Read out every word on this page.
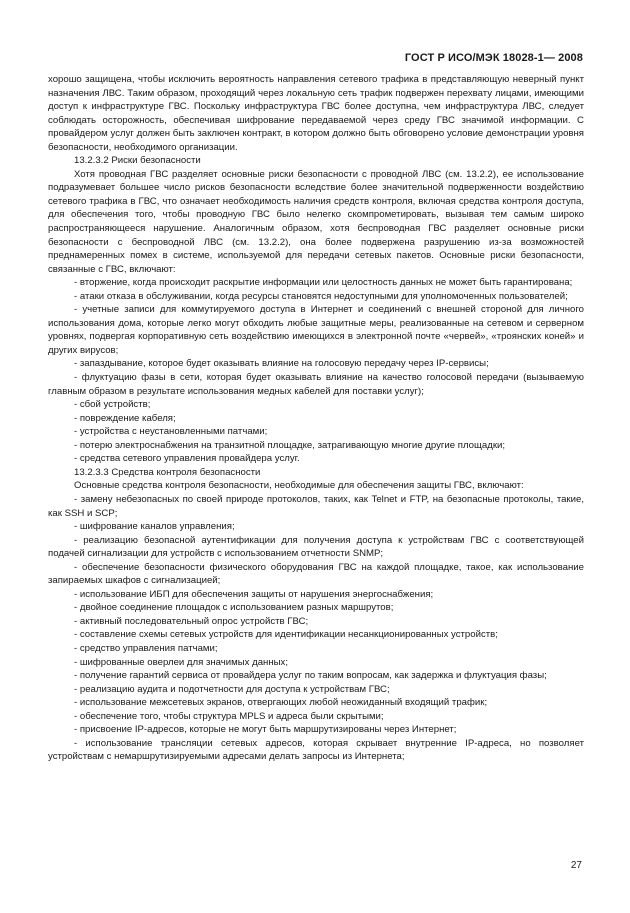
ГОСТ Р ИСО/МЭК 18028-1— 2008

хорошо защищена, чтобы исключить вероятность направления сетевого трафика в представляющую неверный пункт назначения ЛВС. Таким образом, проходящий через локальную сеть трафик подвержен перехвату лицами, имеющими доступ к инфраструктуре ГВС. Поскольку инфраструктура ГВС более доступна, чем инфраструктура ЛВС, следует соблюдать осторожность, обеспечивая шифрование передаваемой через среду ГВС значимой информации. С провайдером услуг должен быть заключен контракт, в котором должно быть обговорено условие демонстрации уровня безопасности, необходимого организации.

13.2.3.2 Риски безопасности

Хотя проводная ГВС разделяет основные риски безопасности с проводной ЛВС (см. 13.2.2), ее использование подразумевает большее число рисков безопасности вследствие более значительной подверженности воздействию сетевого трафика в ГВС, что означает необходимость наличия средств контроля, включая средства контроля доступа, для обеспечения того, чтобы проводную ГВС было нелегко скомпрометировать, вызывая тем самым широко распространяющееся нарушение. Аналогичным образом, хотя беспроводная ГВС разделяет основные риски безопасности с беспроводной ЛВС (см. 13.2.2), она более подвержена разрушению из-за возможностей преднамеренных помех в системе, используемой для передачи сетевых пакетов. Основные риски безопасности, связанные с ГВС, включают:

- вторжение, когда происходит раскрытие информации или целостность данных не может быть гарантирована;

- атаки отказа в обслуживании, когда ресурсы становятся недоступными для уполномоченных пользователей;

- учетные записи для коммутируемого доступа в Интернет и соединений с внешней стороной для личного использования дома, которые легко могут обходить любые защитные меры, реализованные на сетевом и серверном уровнях, подвергая корпоративную сеть воздействию имеющихся в электронной почте «червей», «троянских коней» и других вирусов;

- запаздывание, которое будет оказывать влияние на голосовую передачу через IP-сервисы;

- флуктуацию фазы в сети, которая будет оказывать влияние на качество голосовой передачи (вызываемую главным образом в результате использования медных кабелей для поставки услуг);

- сбой устройств;

- повреждение кабеля;

- устройства с неустановленными патчами;

- потерю электроснабжения на транзитной площадке, затрагивающую многие другие площадки;

- средства сетевого управления провайдера услуг.

13.2.3.3 Средства контроля безопасности

Основные средства контроля безопасности, необходимые для обеспечения защиты ГВС, включают:

- замену небезопасных по своей природе протоколов, таких, как Telnet и FTP, на безопасные протоколы, такие, как SSH и SCP;

- шифрование каналов управления;

- реализацию безопасной аутентификации для получения доступа к устройствам ГВС с соответствующей подачей сигнализации для устройств с использованием отчетности SNMP;

- обеспечение безопасности физического оборудования ГВС на каждой площадке, такое, как использование запираемых шкафов с сигнализацией;

- использование ИБП для обеспечения защиты от нарушения энергоснабжения;

- двойное соединение площадок с использованием разных маршрутов;

- активный последовательный опрос устройств ГВС;

- составление схемы сетевых устройств для идентификации несанкционированных устройств;

- средство управления патчами;

- шифрованные оверлеи для значимых данных;

- получение гарантий сервиса от провайдера услуг по таким вопросам, как задержка и флуктуация фазы;

- реализацию аудита и подотчетности для доступа к устройствам ГВС;

- использование межсетевых экранов, отвергающих любой неожиданный входящий трафик;

- обеспечение того, чтобы структура MPLS и адреса были скрытыми;

- присвоение IP-адресов, которые не могут быть маршрутизированы через Интернет;

- использование трансляции сетевых адресов, которая скрывает внутренние IP-адреса, но позволяет устройствам с немаршрутизируемыми адресами делать запросы из Интернета;

27
